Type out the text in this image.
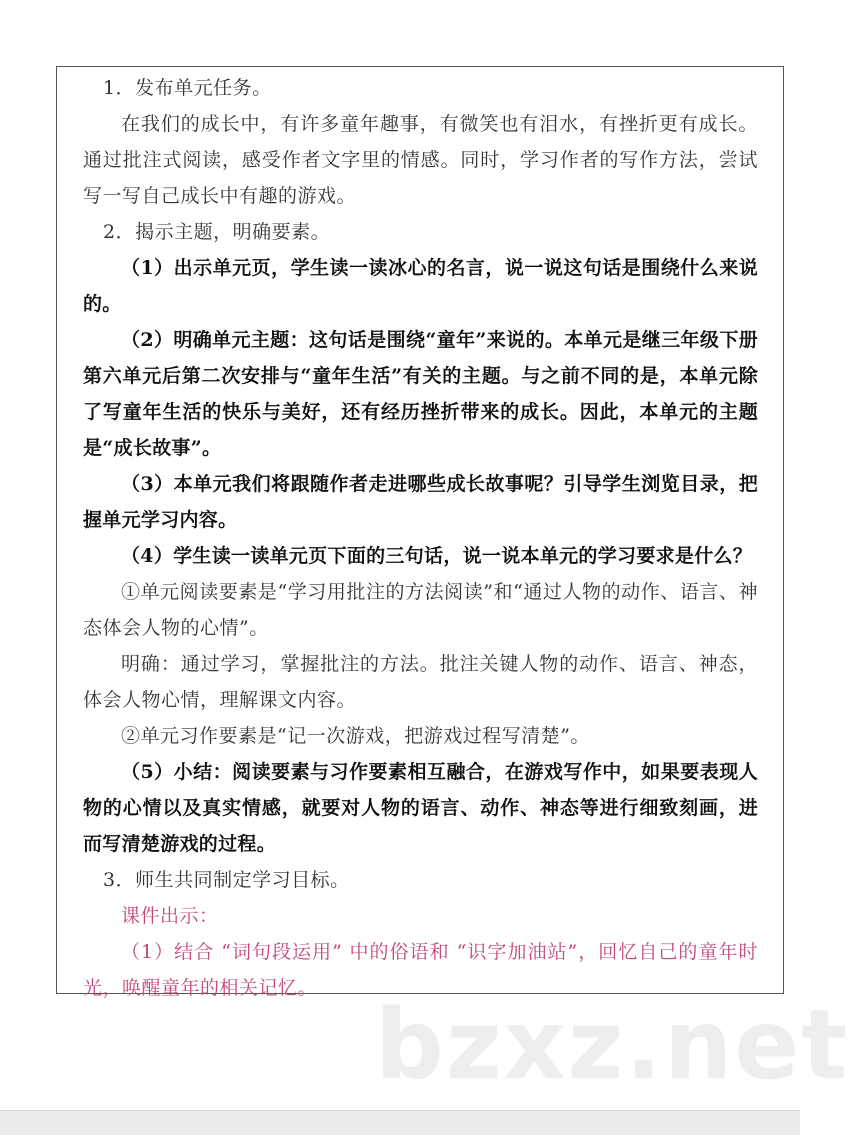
1．发布单元任务。

在我们的成长中，有许多童年趣事，有微笑也有泪水，有挫折更有成长。通过批注式阅读，感受作者文字里的情感。同时，学习作者的写作方法，尝试写一写自己成长中有趣的游戏。

2．揭示主题，明确要素。

（1）出示单元页，学生读一读冰心的名言，说一说这句话是围绕什么来说的。

（2）明确单元主题：这句话是围绕“童年”来说的。本单元是继三年级下册第六单元后第二次安排与“童年生活”有关的主题。与之前不同的是，本单元除了写童年生活的快乐与美好，还有经历挫折带来的成长。因此，本单元的主题是“成长故事”。

（3）本单元我们将跟随作者走进哪些成长故事呢？引导学生浏览目录，把握单元学习内容。

（4）学生读一读单元页下面的三句话，说一说本单元的学习要求是什么？

①单元阅读要素是“学习用批注的方法阅读”和“通过人物的动作、语言、神态体会人物的心情”。

明确：通过学习，掌握批注的方法。批注关键人物的动作、语言、神态，体会人物心情，理解课文内容。

②单元习作要素是“记一次游戏，把游戏过程写清楚”。

（5）小结：阅读要素与习作要素相互融合，在游戏写作中，如果要表现人物的心情以及真实情感，就要对人物的语言、动作、神态等进行细致刻画，进而写清楚游戏的过程。

3．师生共同制定学习目标。

课件出示：

（1）结合 “词句段运用” 中的俗语和 “识字加油站”，回忆自己的童年时光，唤醒童年的相关记忆。

bzxz.net
